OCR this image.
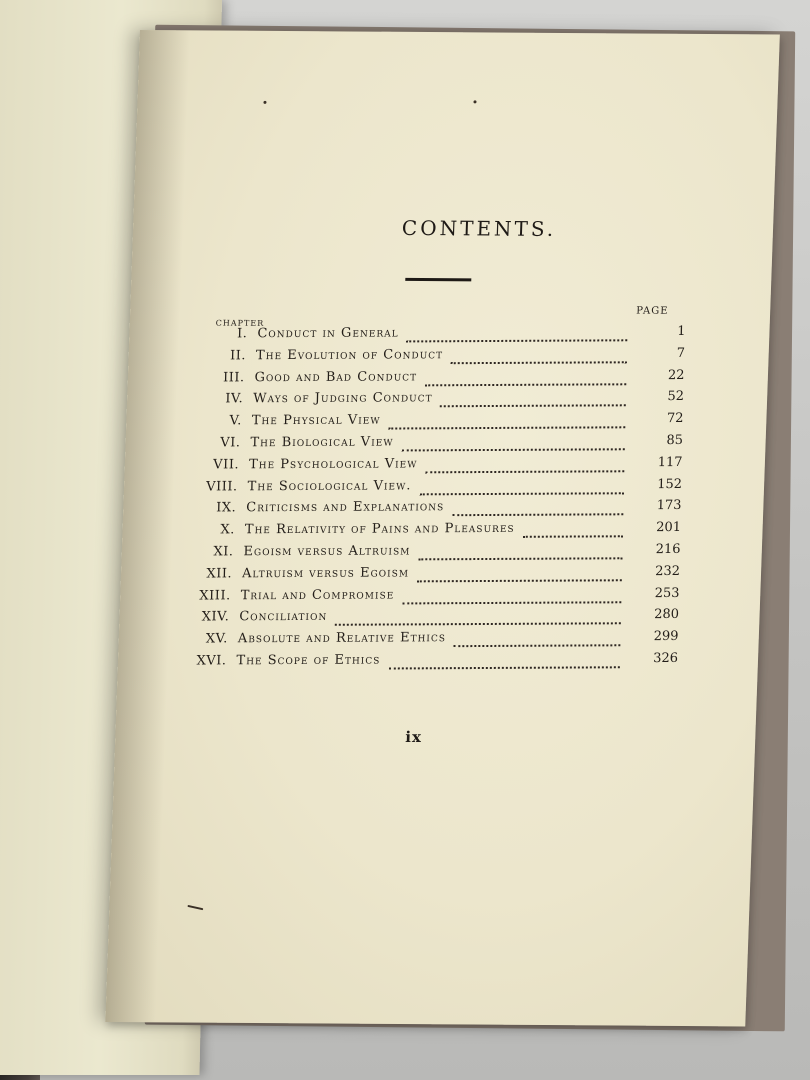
CONTENTS.
PAGE
CHAPTER
I. Conduct in General	1
II. The Evolution of Conduct	7
III. Good and Bad Conduct	22
IV. Ways of Judging Conduct	52
V. The Physical View	72
VI. The Biological View	85
VII. The Psychological View	117
VIII. The Sociological View.	152
IX. Criticisms and Explanations	173
X. The Relativity of Pains and Pleasures	201
XI. Egoism versus Altruism	216
XII. Altruism versus Egoism	232
XIII. Trial and Compromise	253
XIV. Conciliation	280
XV. Absolute and Relative Ethics	299
XVI. The Scope of Ethics	326
ix
